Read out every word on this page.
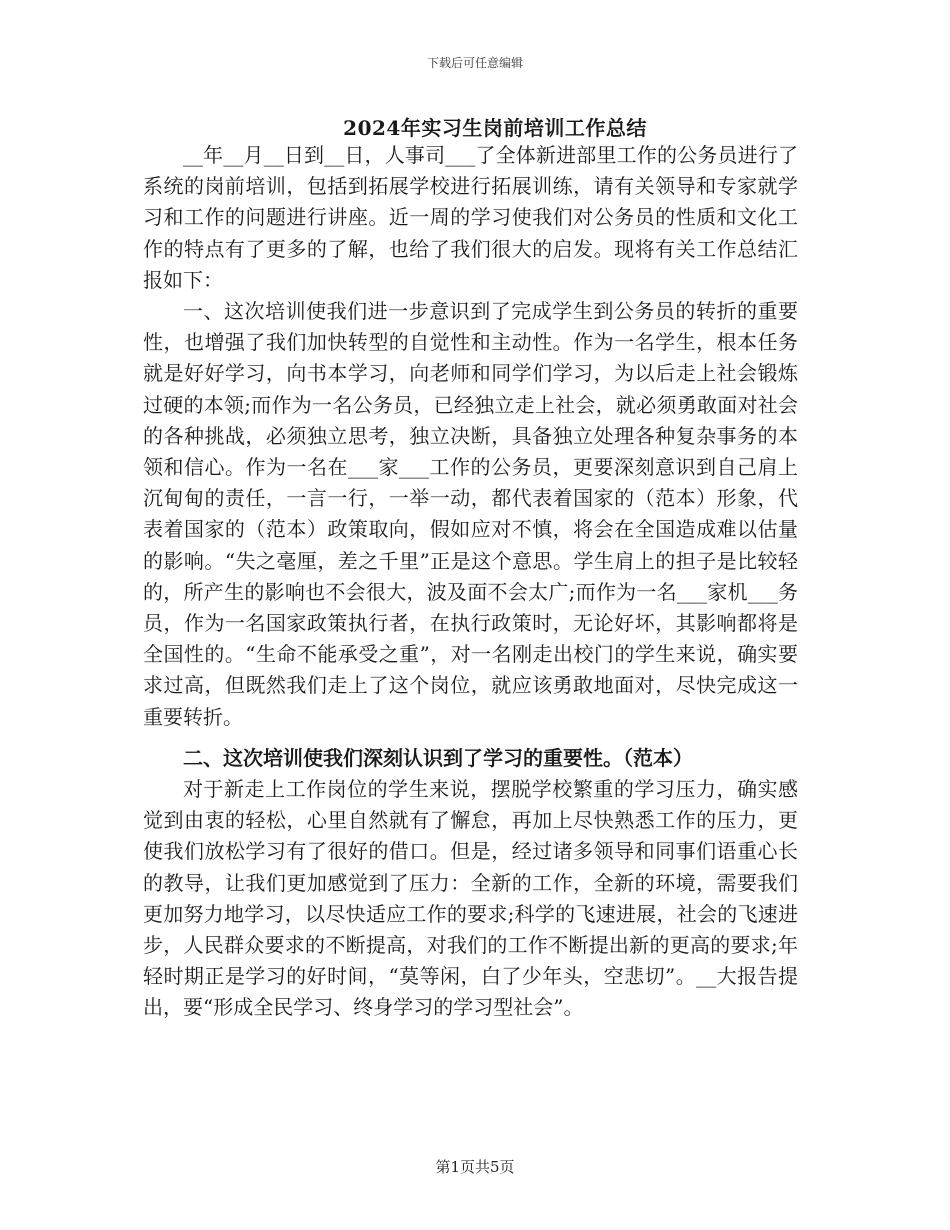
下载后可任意编辑
2024年实习生岗前培训工作总结

__年__月__日到__日，人事司___了全体新进部里工作的公务员进行了系统的岗前培训，包括到拓展学校进行拓展训练，请有关领导和专家就学习和工作的问题进行讲座。近一周的学习使我们对公务员的性质和文化工作的特点有了更多的了解，也给了我们很大的启发。现将有关工作总结汇报如下：

一、这次培训使我们进一步意识到了完成学生到公务员的转折的重要性，也增强了我们加快转型的自觉性和主动性。作为一名学生，根本任务就是好好学习，向书本学习，向老师和同学们学习，为以后走上社会锻炼过硬的本领;而作为一名公务员，已经独立走上社会，就必须勇敢面对社会的各种挑战，必须独立思考，独立决断，具备独立处理各种复杂事务的本领和信心。作为一名在___家___工作的公务员，更要深刻意识到自己肩上沉甸甸的责任，一言一行，一举一动，都代表着国家的（范本）形象，代表着国家的（范本）政策取向，假如应对不慎，将会在全国造成难以估量的影响。“失之毫厘，差之千里”正是这个意思。学生肩上的担子是比较轻的，所产生的影响也不会很大，波及面不会太广;而作为一名___家机___务员，作为一名国家政策执行者，在执行政策时，无论好坏，其影响都将是全国性的。“生命不能承受之重”，对一名刚走出校门的学生来说，确实要求过高，但既然我们走上了这个岗位，就应该勇敢地面对，尽快完成这一重要转折。

二、这次培训使我们深刻认识到了学习的重要性。（范本）

对于新走上工作岗位的学生来说，摆脱学校繁重的学习压力，确实感觉到由衷的轻松，心里自然就有了懈怠，再加上尽快熟悉工作的压力，更使我们放松学习有了很好的借口。但是，经过诸多领导和同事们语重心长的教导，让我们更加感觉到了压力：全新的工作，全新的环境，需要我们更加努力地学习，以尽快适应工作的要求;科学的飞速进展，社会的飞速进步，人民群众要求的不断提高，对我们的工作不断提出新的更高的要求;年轻时期正是学习的好时间，“莫等闲，白了少年头，空悲切”。__大报告提出，要“形成全民学习、终身学习的学习型社会”。

第1页共5页
